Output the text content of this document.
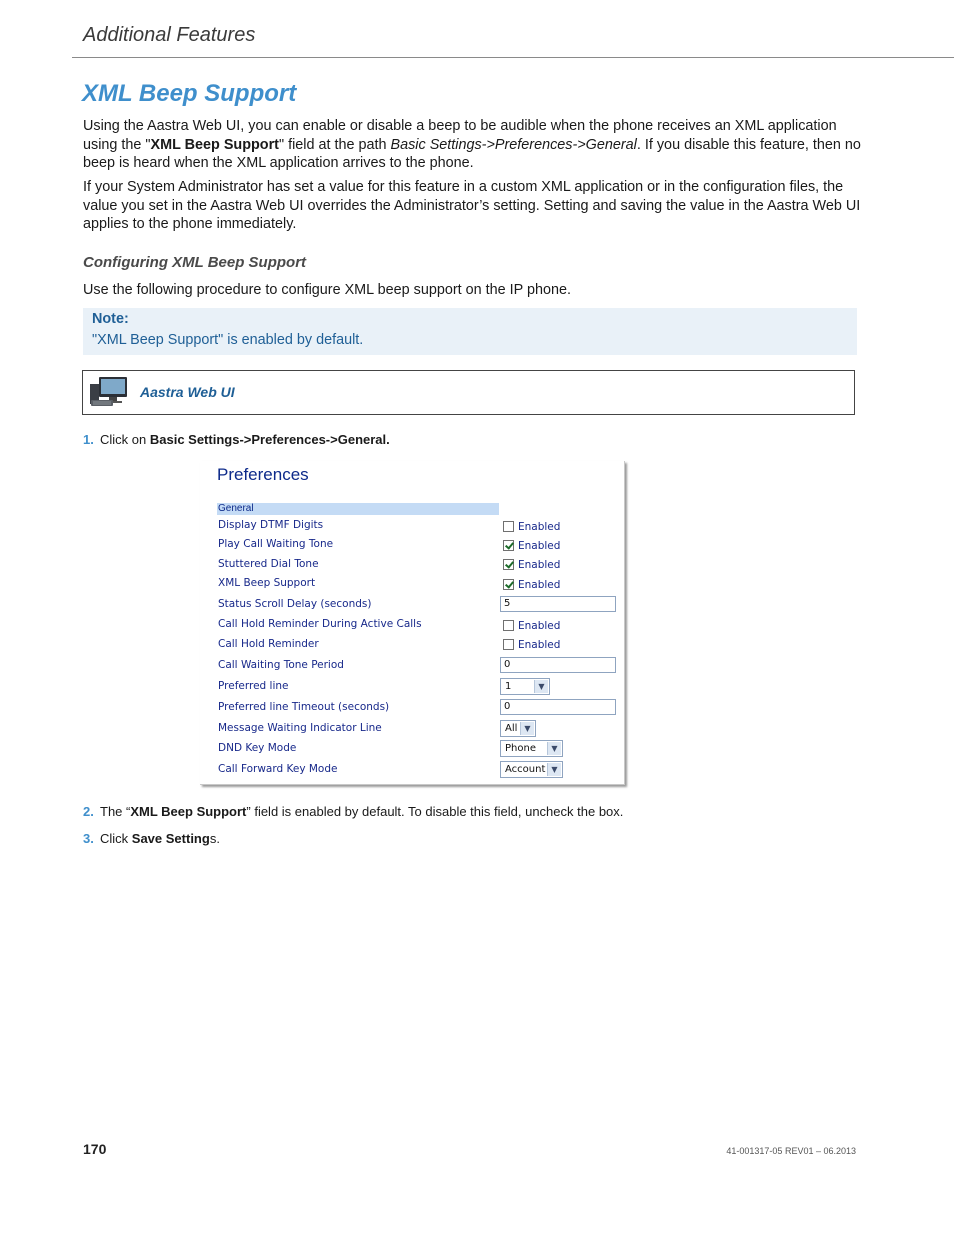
Additional Features
XML Beep Support
Using the Aastra Web UI, you can enable or disable a beep to be audible when the phone receives an XML application using the "XML Beep Support" field at the path Basic Settings->Preferences->General. If you disable this feature, then no beep is heard when the XML application arrives to the phone.
If your System Administrator has set a value for this feature in a custom XML application or in the configuration files, the value you set in the Aastra Web UI overrides the Administrator’s setting. Setting and saving the value in the Aastra Web UI applies to the phone immediately.
Configuring XML Beep Support
Use the following procedure to configure XML beep support on the IP phone.
Note:
"XML Beep Support" is enabled by default.
Aastra Web UI
1. Click on Basic Settings->Preferences->General.
Preferences
General
Display DTMF Digits	Enabled
Play Call Waiting Tone	Enabled
Stuttered Dial Tone	Enabled
XML Beep Support	Enabled
Status Scroll Delay (seconds)	5
Call Hold Reminder During Active Calls	Enabled
Call Hold Reminder	Enabled
Call Waiting Tone Period	0
Preferred line	1	▼
Preferred line Timeout (seconds)	0
Message Waiting Indicator Line	All ▼
DND Key Mode	Phone	▼
Call Forward Key Mode	Account ▼
2. The “XML Beep Support” field is enabled by default. To disable this field, uncheck the box.
3. Click Save Settings.
170	41-001317-05 REV01 – 06.2013
